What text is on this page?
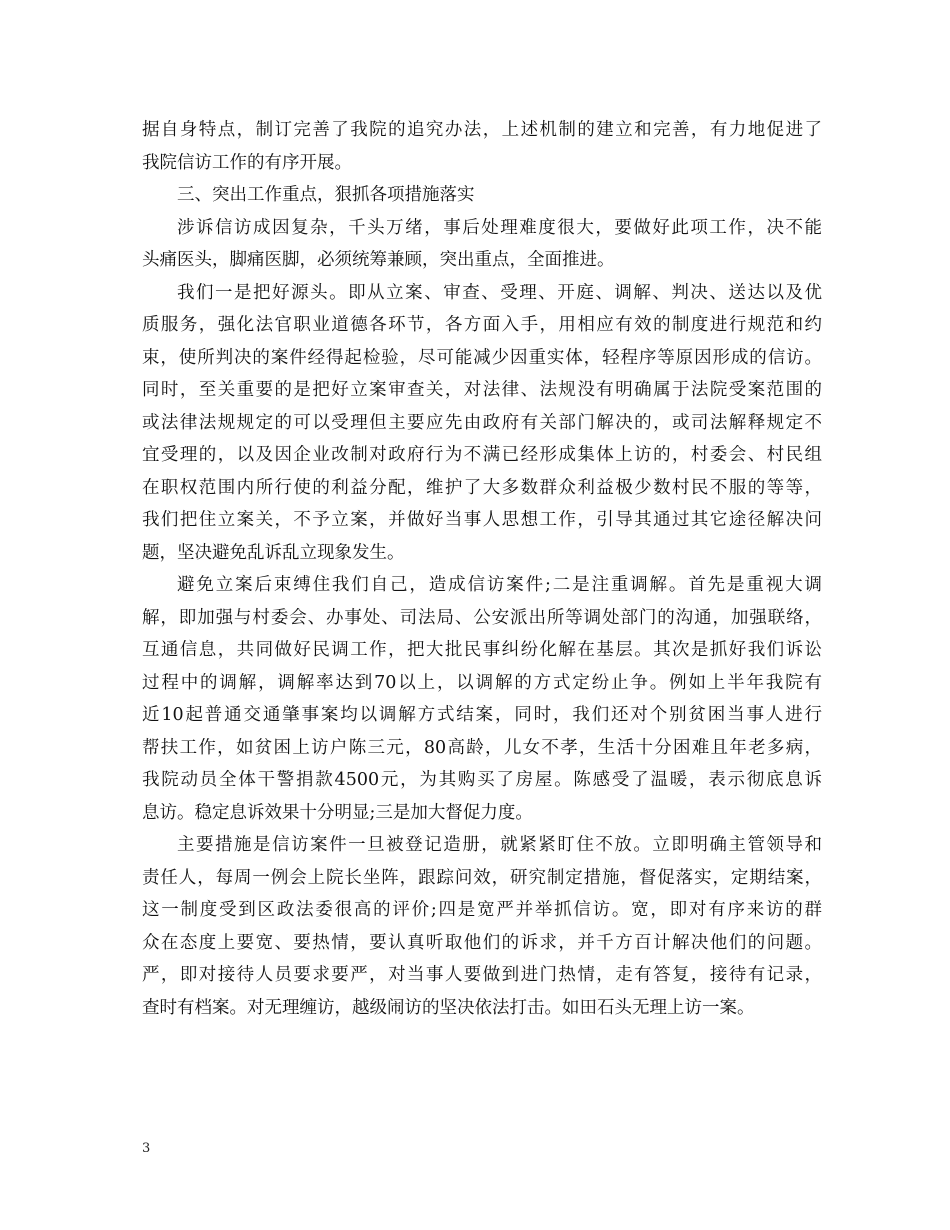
据自身特点，制订完善了我院的追究办法，上述机制的建立和完善，有力地促进了
我院信访工作的有序开展。
三、突出工作重点，狠抓各项措施落实
涉诉信访成因复杂，千头万绪，事后处理难度很大，要做好此项工作，决不能
头痛医头，脚痛医脚，必须统筹兼顾，突出重点，全面推进。
我们一是把好源头。即从立案、审查、受理、开庭、调解、判决、送达以及优
质服务，强化法官职业道德各环节，各方面入手，用相应有效的制度进行规范和约
束，使所判决的案件经得起检验，尽可能减少因重实体，轻程序等原因形成的信访。
同时，至关重要的是把好立案审查关，对法律、法规没有明确属于法院受案范围的
或法律法规规定的可以受理但主要应先由政府有关部门解决的，或司法解释规定不
宜受理的，以及因企业改制对政府行为不满已经形成集体上访的，村委会、村民组
在职权范围内所行使的利益分配，维护了大多数群众利益极少数村民不服的等等，
我们把住立案关，不予立案，并做好当事人思想工作，引导其通过其它途径解决问
题，坚决避免乱诉乱立现象发生。
避免立案后束缚住我们自己，造成信访案件;二是注重调解。首先是重视大调
解，即加强与村委会、办事处、司法局、公安派出所等调处部门的沟通，加强联络，
互通信息，共同做好民调工作，把大批民事纠纷化解在基层。其次是抓好我们诉讼
过程中的调解，调解率达到70以上，以调解的方式定纷止争。例如上半年我院有
近10起普通交通肇事案均以调解方式结案，同时，我们还对个别贫困当事人进行
帮扶工作，如贫困上访户陈三元，80高龄，儿女不孝，生活十分困难且年老多病，
我院动员全体干警捐款4500元，为其购买了房屋。陈感受了温暖，表示彻底息诉
息访。稳定息诉效果十分明显;三是加大督促力度。
主要措施是信访案件一旦被登记造册，就紧紧盯住不放。立即明确主管领导和
责任人，每周一例会上院长坐阵，跟踪问效，研究制定措施，督促落实，定期结案，
这一制度受到区政法委很高的评价;四是宽严并举抓信访。宽，即对有序来访的群
众在态度上要宽、要热情，要认真听取他们的诉求，并千方百计解决他们的问题。
严，即对接待人员要求要严，对当事人要做到进门热情，走有答复，接待有记录，
查时有档案。对无理缠访，越级闹访的坚决依法打击。如田石头无理上访一案。
3
